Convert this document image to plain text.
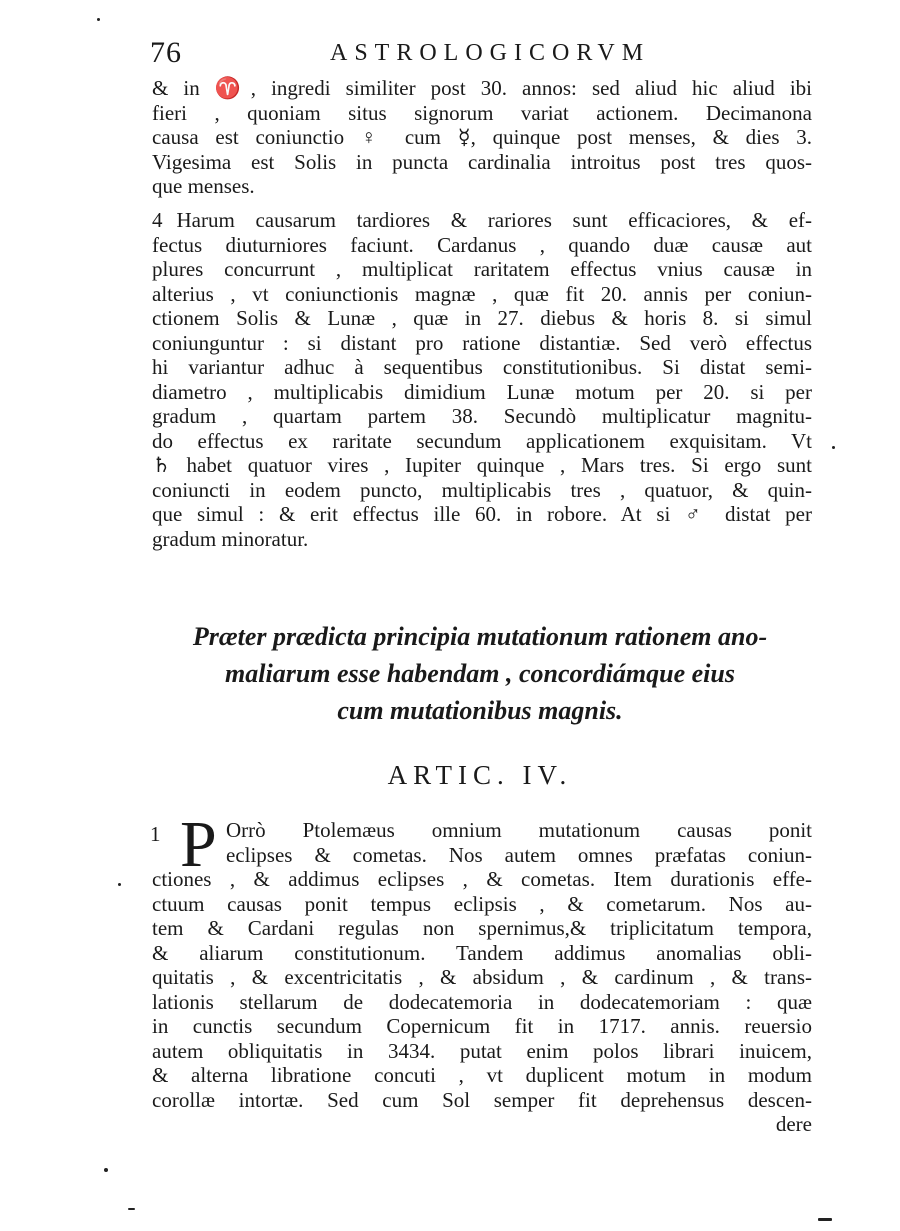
76	ASTROLOGICORVM
& in ♈, ingredi similiter post 30. annos: sed aliud hic aliud ibi
fieri , quoniam situs signorum variat actionem. Decimanona
causa est coniunctio ♀ cum ☿, quinque post menses, & dies 3.
Vigesima est Solis in puncta cardinalia introitus post tres quos-
que menses.
4 Harum causarum tardiores & rariores sunt efficaciores, & ef-
fectus diuturniores faciunt. Cardanus , quando duæ causæ aut
plures concurrunt , multiplicat raritatem effectus vnius causæ in
alterius , vt coniunctionis magnæ , quæ fit 20. annis per coniun-
ctionem Solis & Lunæ , quæ in 27. diebus & horis 8. si simul
coniunguntur : si distant pro ratione distantiæ. Sed verò effectus
hi variantur adhuc à sequentibus constitutionibus. Si distat semi-
diametro , multiplicabis dimidium Lunæ motum per 20. si per
gradum , quartam partem 38. Secundò multiplicatur magnitu-
do effectus ex raritate secundum applicationem exquisitam. Vt
♄ habet quatuor vires , Iupiter quinque , Mars tres. Si ergo sunt
coniuncti in eodem puncto, multiplicabis tres , quatuor, & quin-
que simul : & erit effectus ille 60. in robore. At si ♂ distat per
gradum minoratur.
Præter prædicta principia mutationum rationem ano-
maliarum esse habendam , concordiámque eius
cum mutationibus magnis.
ARTIC. IV.
1 P Orrò Ptolemæus omnium mutationum causas ponit
eclipses & cometas. Nos autem omnes præfatas coniun-
ctiones , & addimus eclipses , & cometas. Item durationis effe-
ctuum causas ponit tempus eclipsis , & cometarum. Nos au-
tem & Cardani regulas non spernimus,& triplicitatum tempora,
& aliarum constitutionum. Tandem addimus anomalias obli-
quitatis , & excentricitatis , & absidum , & cardinum , & trans-
lationis stellarum de dodecatemoria in dodecatemoriam : quæ
in cunctis secundum Copernicum fit in 1717. annis. reuersio
autem obliquitatis in 3434. putat enim polos librari inuicem,
& alterna libratione concuti , vt duplicent motum in modum
corollæ intortæ. Sed cum Sol semper fit deprehensus descen-
dere
